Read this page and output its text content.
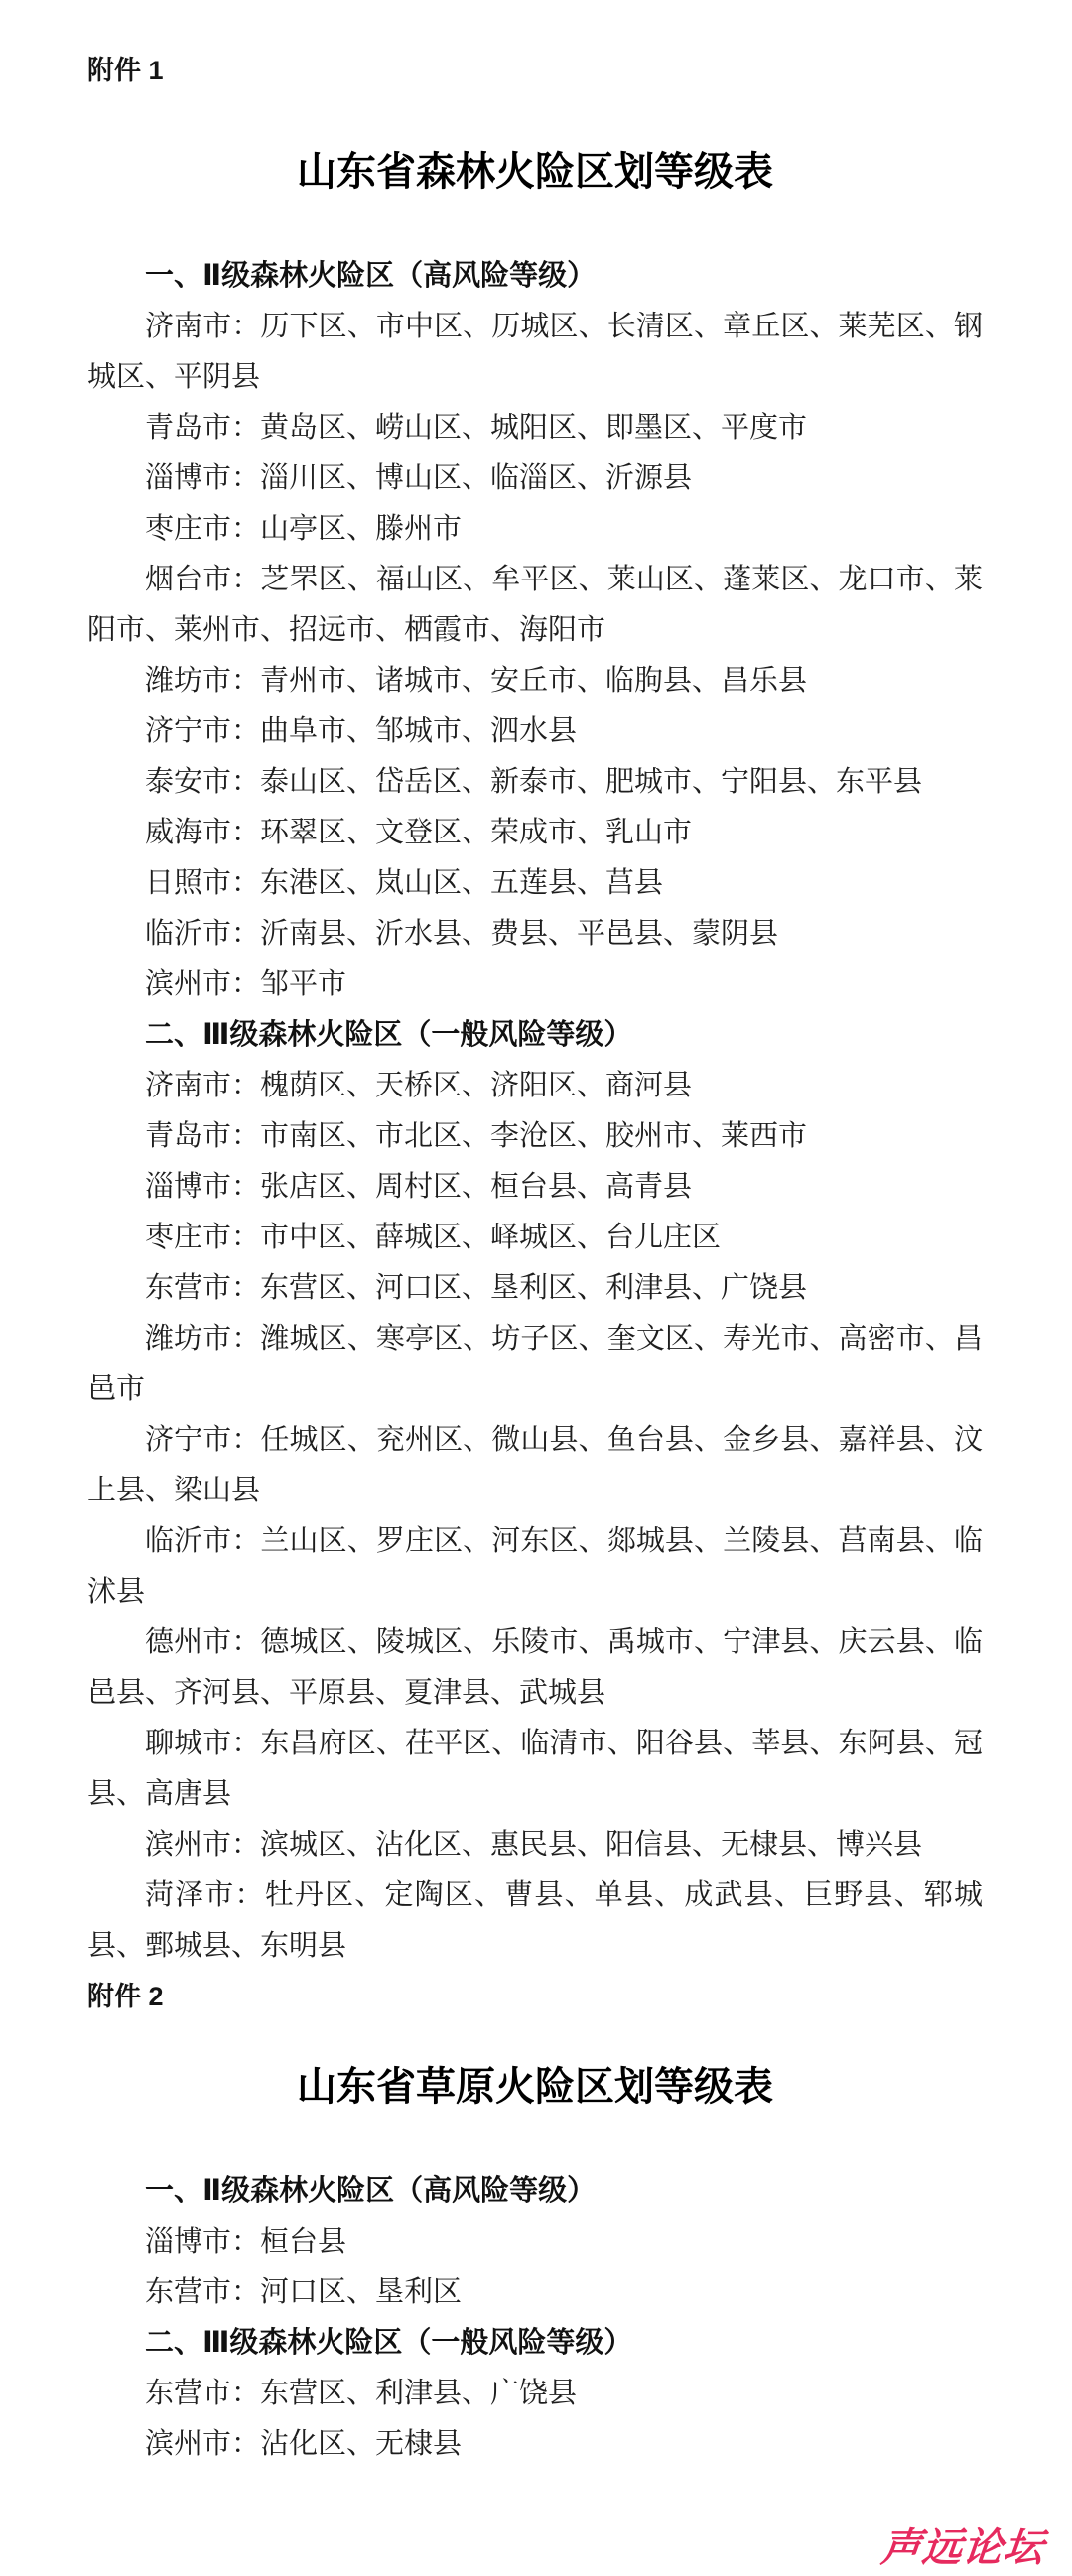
附件 1
山东省森林火险区划等级表
一、Ⅱ级森林火险区（高风险等级）

济南市：历下区、市中区、历城区、长清区、章丘区、莱芜区、钢城区、平阴县

青岛市：黄岛区、崂山区、城阳区、即墨区、平度市

淄博市：淄川区、博山区、临淄区、沂源县

枣庄市：山亭区、滕州市

烟台市：芝罘区、福山区、牟平区、莱山区、蓬莱区、龙口市、莱阳市、莱州市、招远市、栖霞市、海阳市

潍坊市：青州市、诸城市、安丘市、临朐县、昌乐县

济宁市：曲阜市、邹城市、泗水县

泰安市：泰山区、岱岳区、新泰市、肥城市、宁阳县、东平县

威海市：环翠区、文登区、荣成市、乳山市

日照市：东港区、岚山区、五莲县、莒县

临沂市：沂南县、沂水县、费县、平邑县、蒙阴县

滨州市：邹平市

二、Ⅲ级森林火险区（一般风险等级）

济南市：槐荫区、天桥区、济阳区、商河县

青岛市：市南区、市北区、李沧区、胶州市、莱西市

淄博市：张店区、周村区、桓台县、高青县

枣庄市：市中区、薛城区、峄城区、台儿庄区

东营市：东营区、河口区、垦利区、利津县、广饶县

潍坊市：潍城区、寒亭区、坊子区、奎文区、寿光市、高密市、昌邑市

济宁市：任城区、兖州区、微山县、鱼台县、金乡县、嘉祥县、汶上县、梁山县

临沂市：兰山区、罗庄区、河东区、郯城县、兰陵县、莒南县、临沭县

德州市：德城区、陵城区、乐陵市、禹城市、宁津县、庆云县、临邑县、齐河县、平原县、夏津县、武城县

聊城市：东昌府区、茌平区、临清市、阳谷县、莘县、东阿县、冠县、高唐县

滨州市：滨城区、沾化区、惠民县、阳信县、无棣县、博兴县

菏泽市：牡丹区、定陶区、曹县、单县、成武县、巨野县、郓城县、鄄城县、东明县

附件 2
山东省草原火险区划等级表
一、Ⅱ级森林火险区（高风险等级）

淄博市：桓台县

东营市：河口区、垦利区

二、Ⅲ级森林火险区（一般风险等级）

东营市：东营区、利津县、广饶县

滨州市：沾化区、无棣县

声远论坛
